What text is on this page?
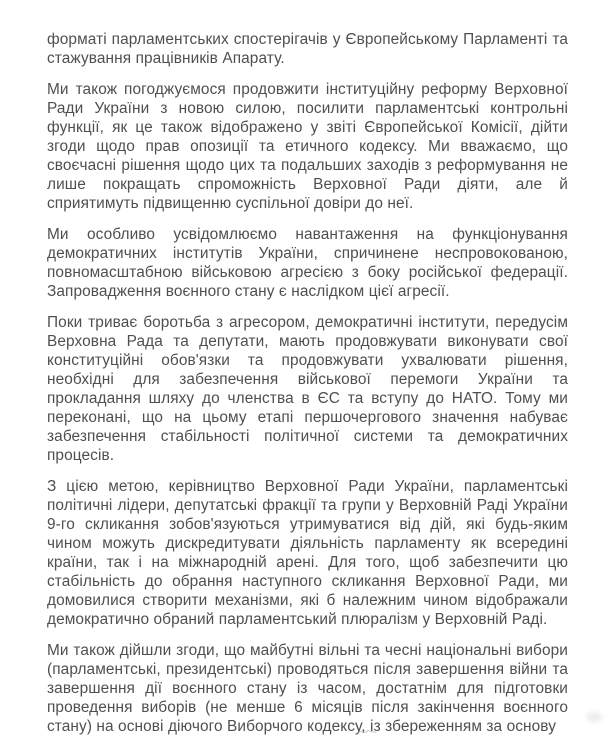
форматі парламентських спостерігачів у Європейському Парламенті та стажування працівників Апарату.
Ми також погоджуємося продовжити інституційну реформу Верховної Ради України з новою силою, посилити парламентські контрольні функції, як це також відображено у звіті Європейської Комісії, дійти згоди щодо прав опозиції та етичного кодексу. Ми вважаємо, що своєчасні рішення щодо цих та подальших заходів з реформування не лише покращать спроможність Верховної Ради діяти, але й сприятимуть підвищенню суспільної довіри до неї.
Ми особливо усвідомлюємо навантаження на функціонування демократичних інститутів України, спричинене неспровокованою, повномасштабною військовою агресією з боку російської федерації. Запровадження воєнного стану є наслідком цієї агресії.
Поки триває боротьба з агресором, демократичні інститути, передусім Верховна Рада та депутати, мають продовжувати виконувати свої конституційні обов'язки та продовжувати ухвалювати рішення, необхідні для забезпечення військової перемоги України та прокладання шляху до членства в ЄС та вступу до НАТО. Тому ми переконані, що на цьому етапі першочергового значення набуває забезпечення стабільності політичної системи та демократичних процесів.
З цією метою, керівництво Верховної Ради України, парламентські політичні лідери, депутатські фракції та групи у Верховній Раді України 9-го скликання зобов'язуються утримуватися від дій, які будь-яким чином можуть дискредитувати діяльність парламенту як всередині країни, так і на міжнародній арені. Для того, щоб забезпечити цю стабільність до обрання наступного скликання Верховної Ради, ми домовилися створити механізми, які б належним чином відображали демократично обраний парламентський плюралізм у Верховній Раді.
Ми також дійшли згоди, що майбутні вільні та чесні національні вибори (парламентські, президентські) проводяться після завершення війни та завершення дії воєнного стану із часом, достатнім для підготовки проведення виборів (не менше 6 місяців після закінчення воєнного стану) на основі діючого Виборчого кодексу, із збереженням за основу
